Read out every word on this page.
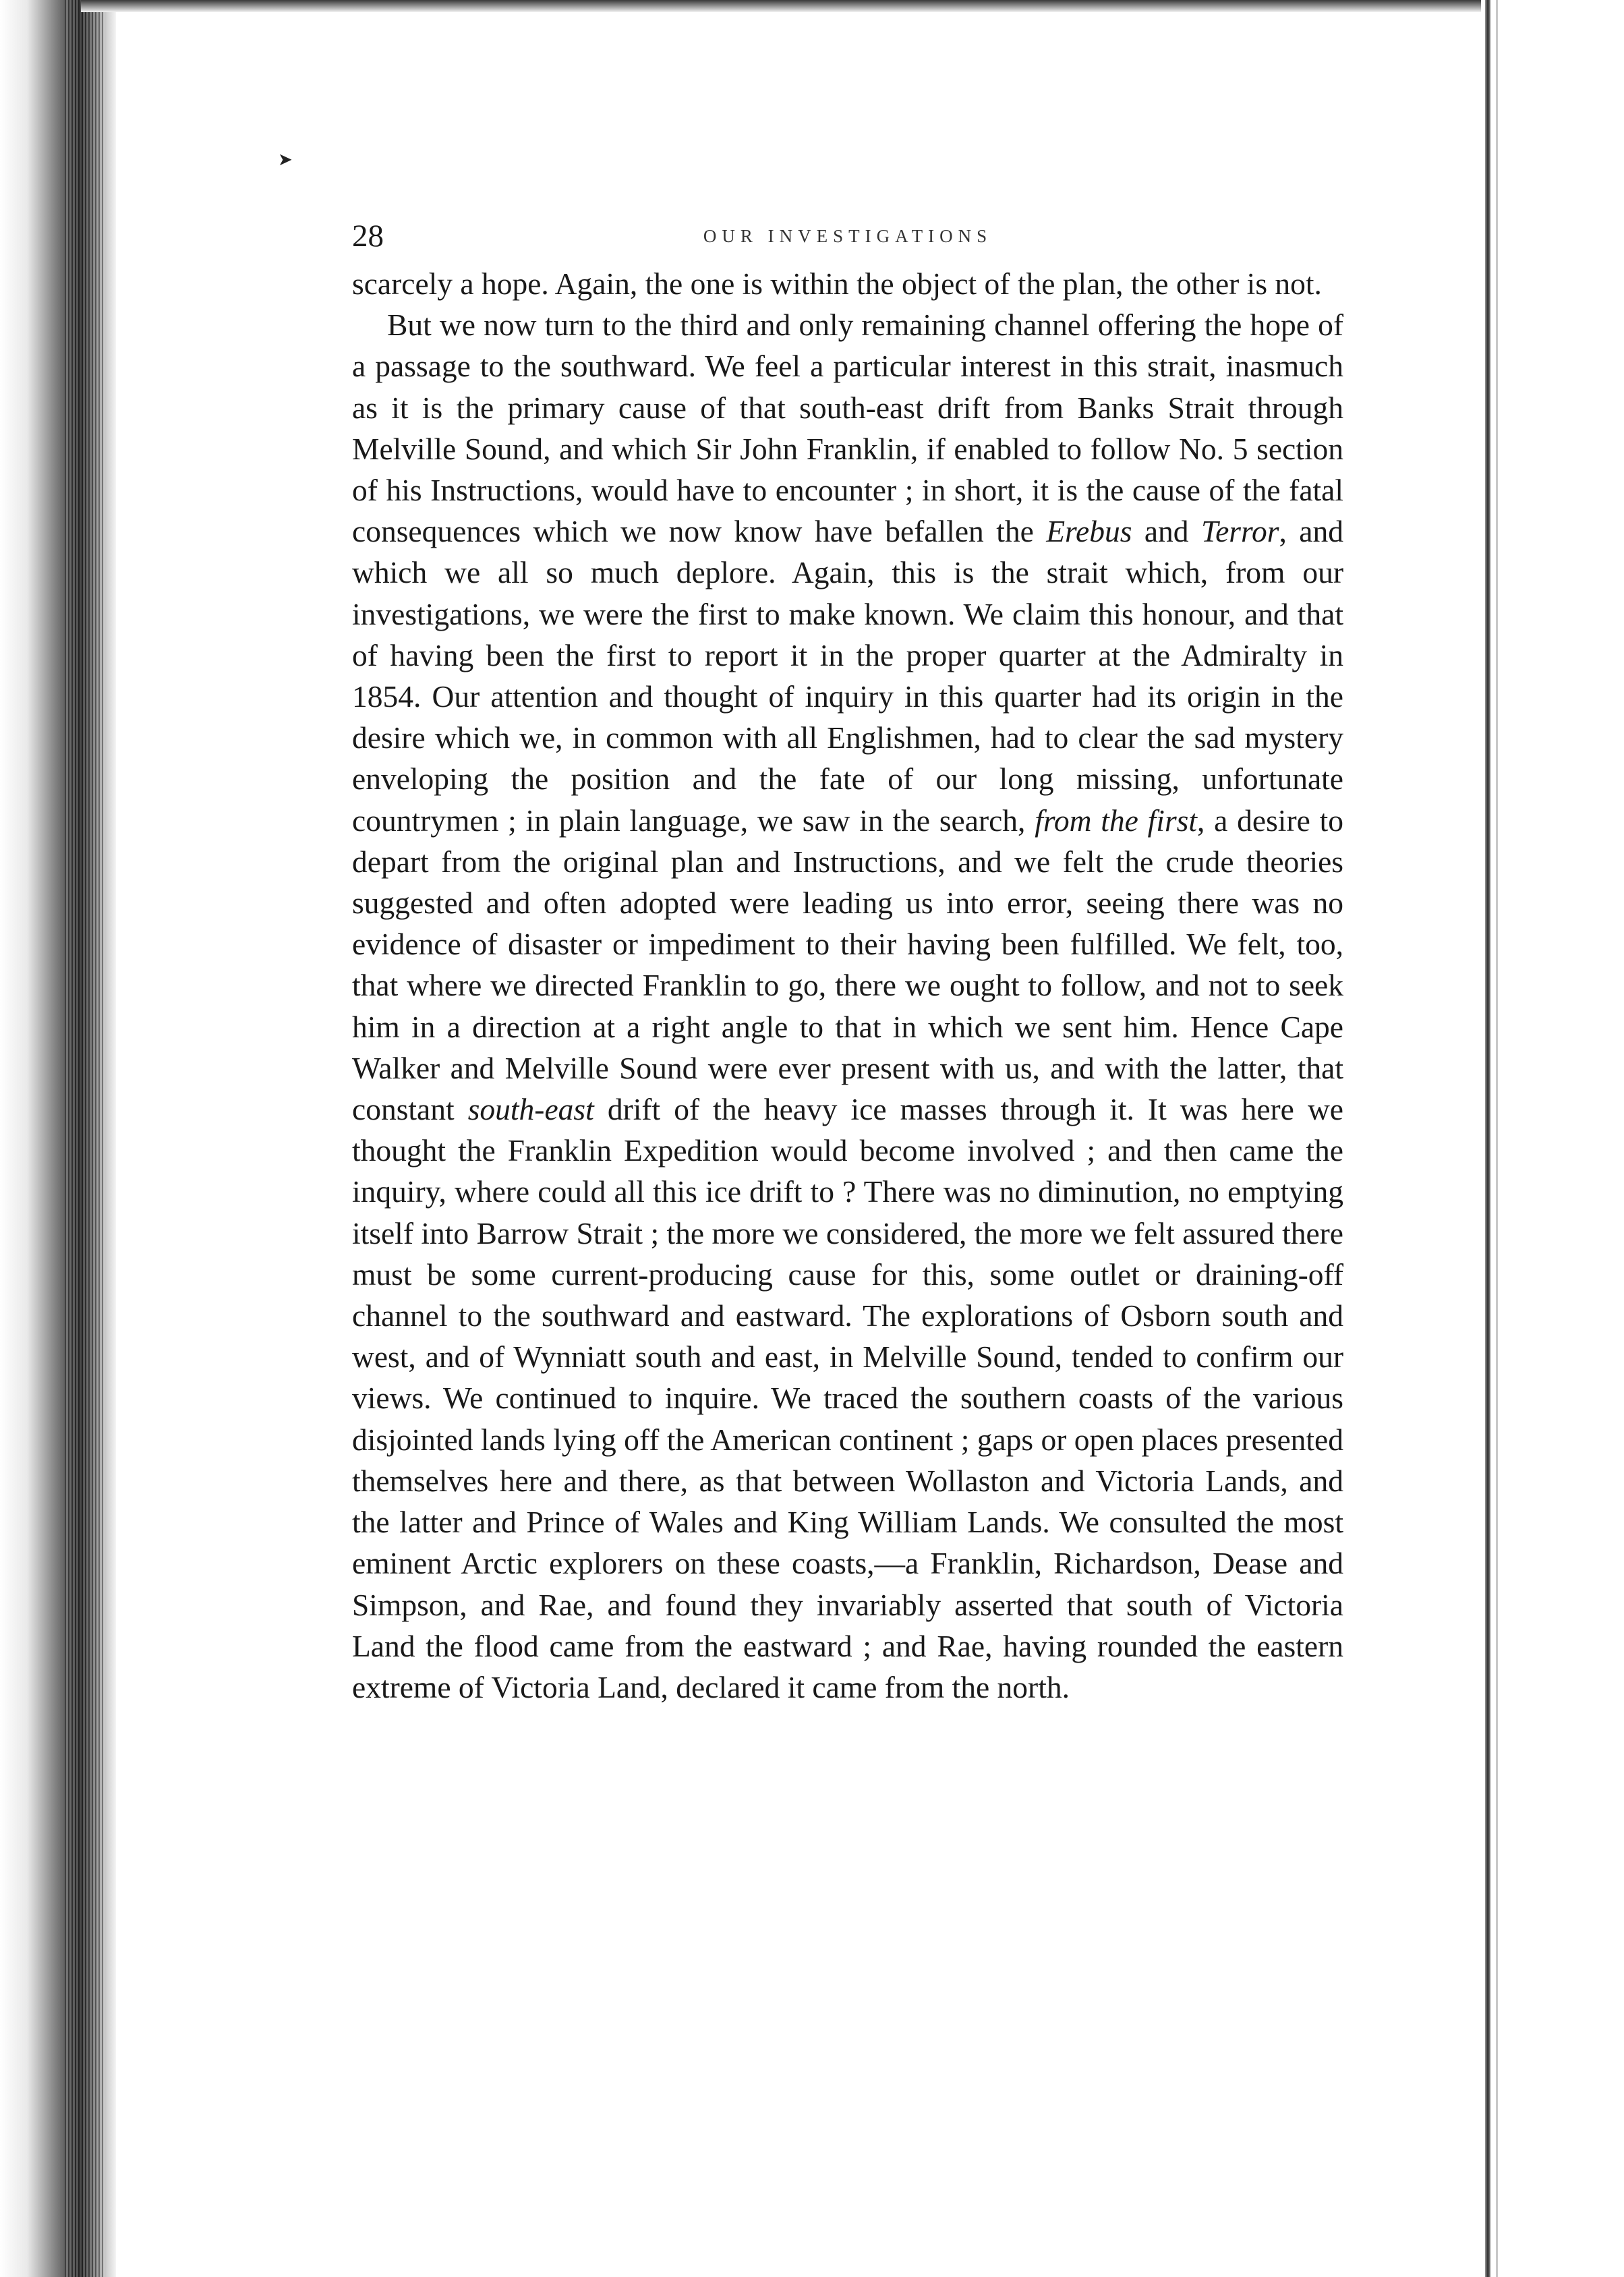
➤
28	OUR INVESTIGATIONS

scarcely a hope. Again, the one is within the object of the plan, the other is not.

But we now turn to the third and only remaining channel offering the hope of a passage to the southward. We feel a particular interest in this strait, inasmuch as it is the primary cause of that south-east drift from Banks Strait through Melville Sound, and which Sir John Franklin, if enabled to follow No. 5 section of his Instructions, would have to encounter ; in short, it is the cause of the fatal consequences which we now know have befallen the Erebus and Terror, and which we all so much deplore. Again, this is the strait which, from our investigations, we were the first to make known. We claim this honour, and that of having been the first to report it in the proper quarter at the Admiralty in 1854. Our attention and thought of inquiry in this quarter had its origin in the desire which we, in common with all Englishmen, had to clear the sad mystery enveloping the position and the fate of our long missing, unfortunate countrymen ; in plain language, we saw in the search, from the first, a desire to depart from the original plan and Instructions, and we felt the crude theories suggested and often adopted were leading us into error, seeing there was no evidence of disaster or impediment to their having been fulfilled. We felt, too, that where we directed Franklin to go, there we ought to follow, and not to seek him in a direction at a right angle to that in which we sent him. Hence Cape Walker and Melville Sound were ever present with us, and with the latter, that constant south-east drift of the heavy ice masses through it. It was here we thought the Franklin Expedition would become involved ; and then came the inquiry, where could all this ice drift to ? There was no diminution, no emptying itself into Barrow Strait ; the more we considered, the more we felt assured there must be some current-producing cause for this, some outlet or draining-off channel to the southward and eastward. The explorations of Osborn south and west, and of Wynniatt south and east, in Melville Sound, tended to confirm our views. We continued to inquire. We traced the southern coasts of the various disjointed lands lying off the American continent ; gaps or open places presented themselves here and there, as that between Wollaston and Victoria Lands, and the latter and Prince of Wales and King William Lands. We consulted the most eminent Arctic explorers on these coasts,—a Franklin, Richardson, Dease and Simpson, and Rae, and found they invariably asserted that south of Victoria Land the flood came from the eastward ; and Rae, having rounded the eastern extreme of Victoria Land, declared it came from the north.
